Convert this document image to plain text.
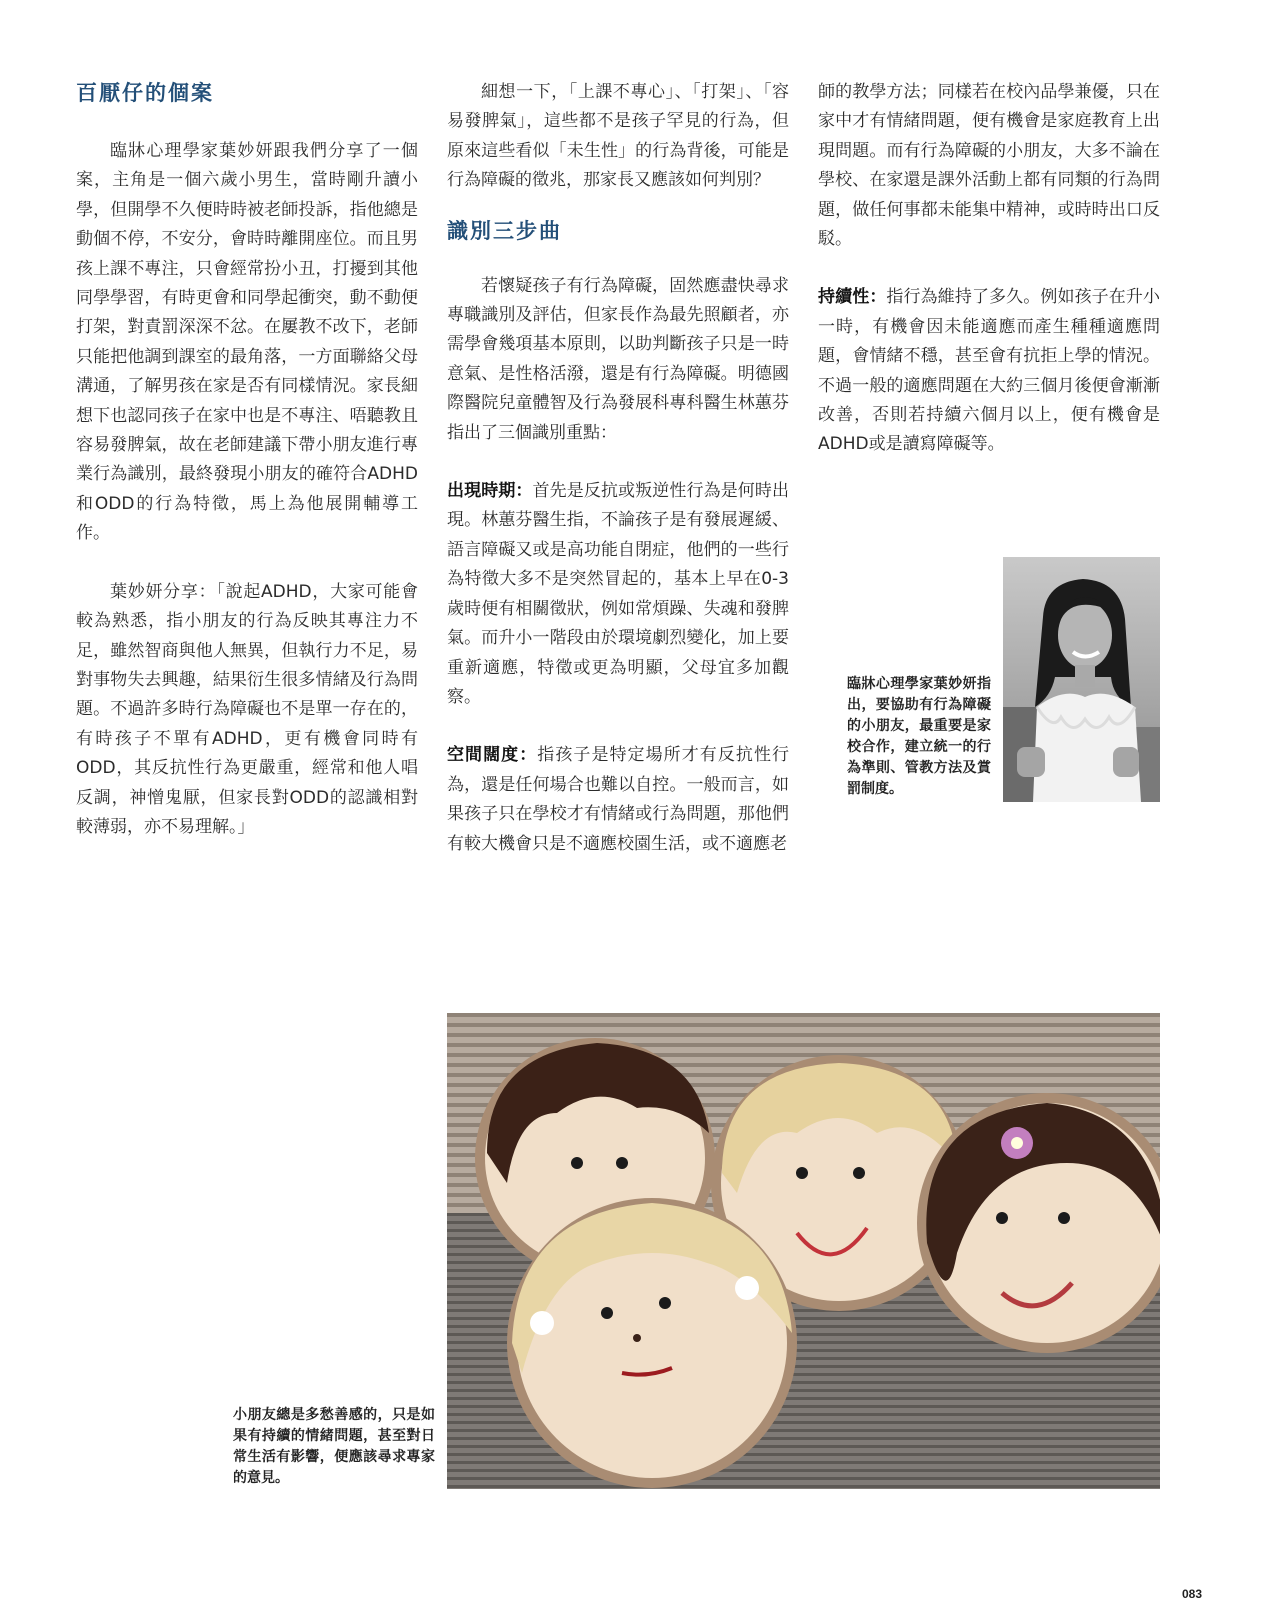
百厭仔的個案

臨牀心理學家葉妙妍跟我們分享了一個案，主角是一個六歲小男生，當時剛升讀小學，但開學不久便時時被老師投訴，指他總是動個不停，不安分，會時時離開座位。而且男孩上課不專注，只會經常扮小丑，打擾到其他同學學習，有時更會和同學起衝突，動不動便打架，對責罰深深不忿。在屢教不改下，老師只能把他調到課室的最角落，一方面聯絡父母溝通，了解男孩在家是否有同樣情況。家長細想下也認同孩子在家中也是不專注、唔聽教且容易發脾氣，故在老師建議下帶小朋友進行專業行為識別，最終發現小朋友的確符合ADHD和ODD的行為特徵，馬上為他展開輔導工作。

葉妙妍分享：「說起ADHD，大家可能會較為熟悉，指小朋友的行為反映其專注力不足，雖然智商與他人無異，但執行力不足，易對事物失去興趣，結果衍生很多情緒及行為問題。不過許多時行為障礙也不是單一存在的，有時孩子不單有ADHD，更有機會同時有ODD，其反抗性行為更嚴重，經常和他人唱反調，神憎鬼厭，但家長對ODD的認識相對較薄弱，亦不易理解。」

細想一下，「上課不專心」、「打架」、「容易發脾氣」，這些都不是孩子罕見的行為，但原來這些看似「未生性」的行為背後，可能是行為障礙的徵兆，那家長又應該如何判別？

識別三步曲

若懷疑孩子有行為障礙，固然應盡快尋求專職識別及評估，但家長作為最先照顧者，亦需學會幾項基本原則，以助判斷孩子只是一時意氣、是性格活潑，還是有行為障礙。明德國際醫院兒童體智及行為發展科專科醫生林蕙芬指出了三個識別重點：

出現時期：首先是反抗或叛逆性行為是何時出現。林蕙芬醫生指，不論孩子是有發展遲緩、語言障礙又或是高功能自閉症，他們的一些行為特徵大多不是突然冒起的，基本上早在0-3歲時便有相關徵狀，例如常煩躁、失魂和發脾氣。而升小一階段由於環境劇烈變化，加上要重新適應，特徵或更為明顯，父母宜多加觀察。

空間闊度：指孩子是特定場所才有反抗性行為，還是任何場合也難以自控。一般而言，如果孩子只在學校才有情緒或行為問題，那他們有較大機會只是不適應校園生活，或不適應老

師的教學方法；同樣若在校內品學兼優，只在家中才有情緒問題，便有機會是家庭教育上出現問題。而有行為障礙的小朋友，大多不論在學校、在家還是課外活動上都有同類的行為問題，做任何事都未能集中精神，或時時出口反駁。

持續性：指行為維持了多久。例如孩子在升小一時，有機會因未能適應而產生種種適應問題，會情緒不穩，甚至會有抗拒上學的情況。不過一般的適應問題在大約三個月後便會漸漸改善，否則若持續六個月以上，便有機會是ADHD或是讀寫障礙等。

臨牀心理學家葉妙妍指出，要協助有行為障礙的小朋友，最重要是家校合作，建立統一的行為準則、管教方法及賞罰制度。
小朋友總是多愁善感的，只是如果有持續的情緒問題，甚至對日常生活有影響，便應該尋求專家的意見。
083
